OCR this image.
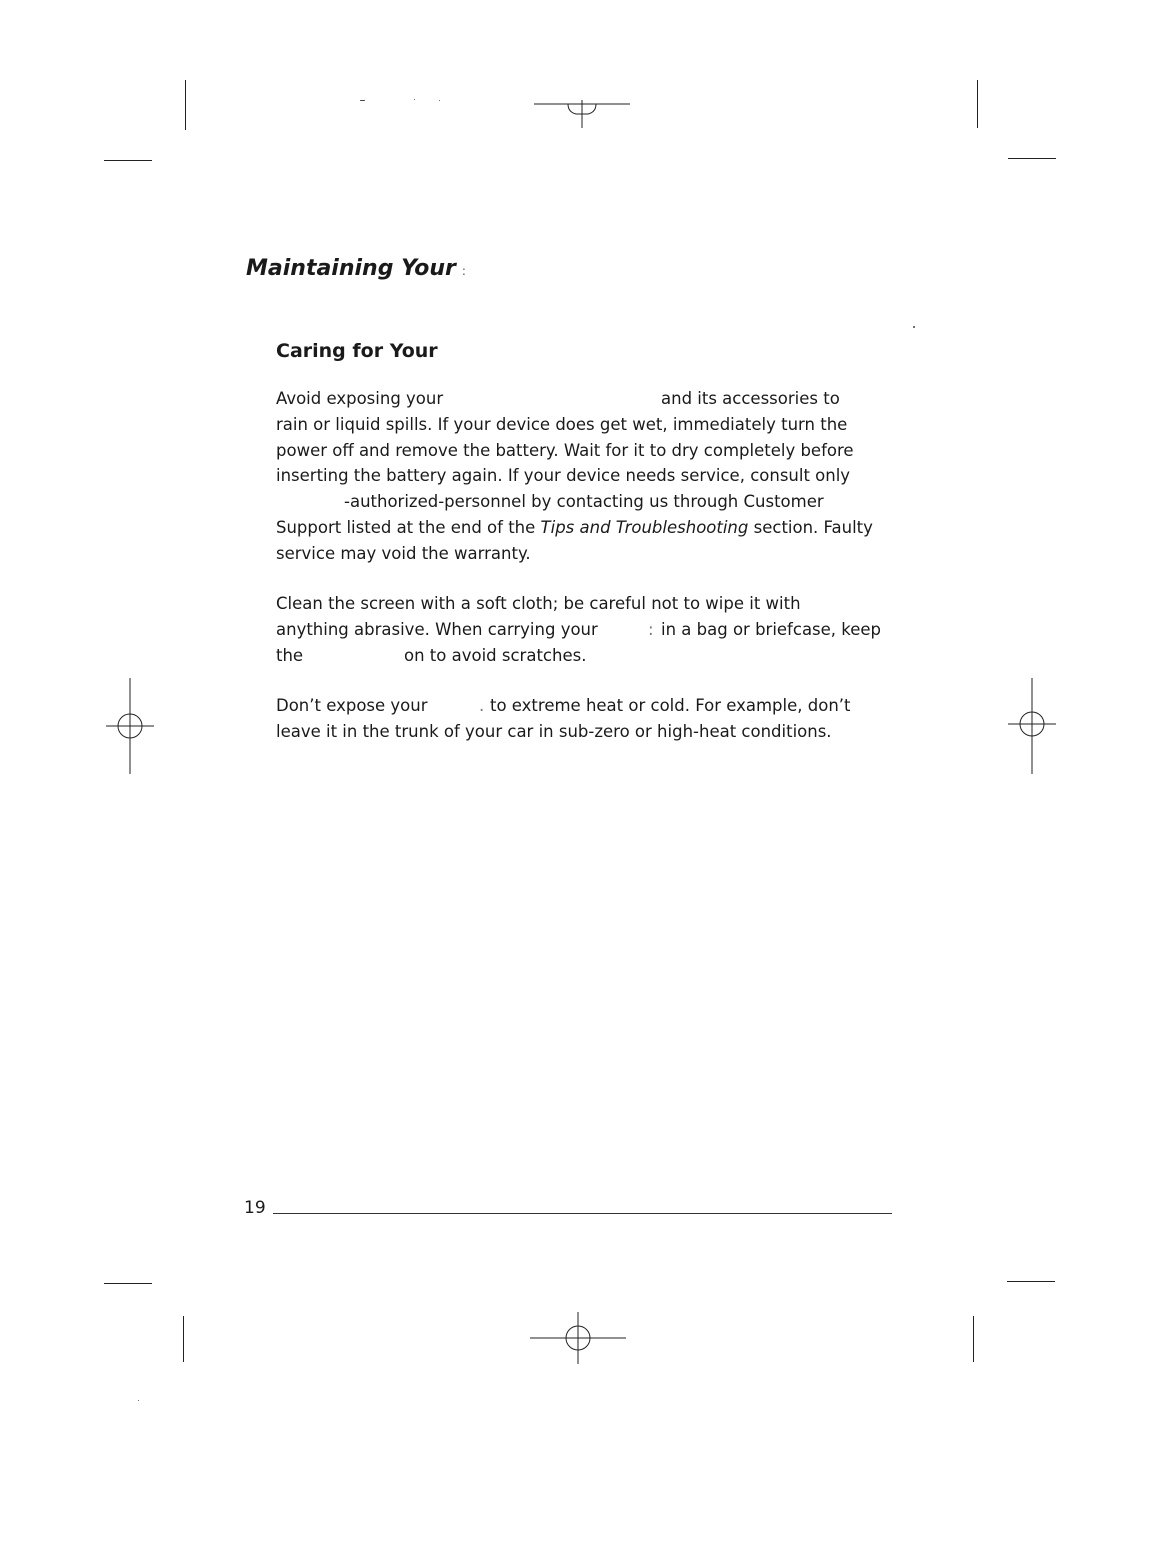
Maintaining Your :
Caring for Your

Avoid exposing your

	and its accessories to

rain or liquid spills. If your device does get wet, immediately turn the
power off and remove the battery. Wait for it to dry completely before
inserting the battery again. If your device needs service, consult only

-authorized-personnel by contacting us through Customer

Support listed at the end of the Tips and Troubleshooting section. Faulty
service may void the warranty.
Clean the screen with a soft cloth; be careful not to wipe it with

anything abrasive. When carrying your

	:

in a bag or briefcase, keep

the

	on to avoid scratches.

Don’t expose your

	.

to extreme heat or cold. For example, don’t

leave it in the trunk of your car in sub-zero or high-heat conditions.

19
